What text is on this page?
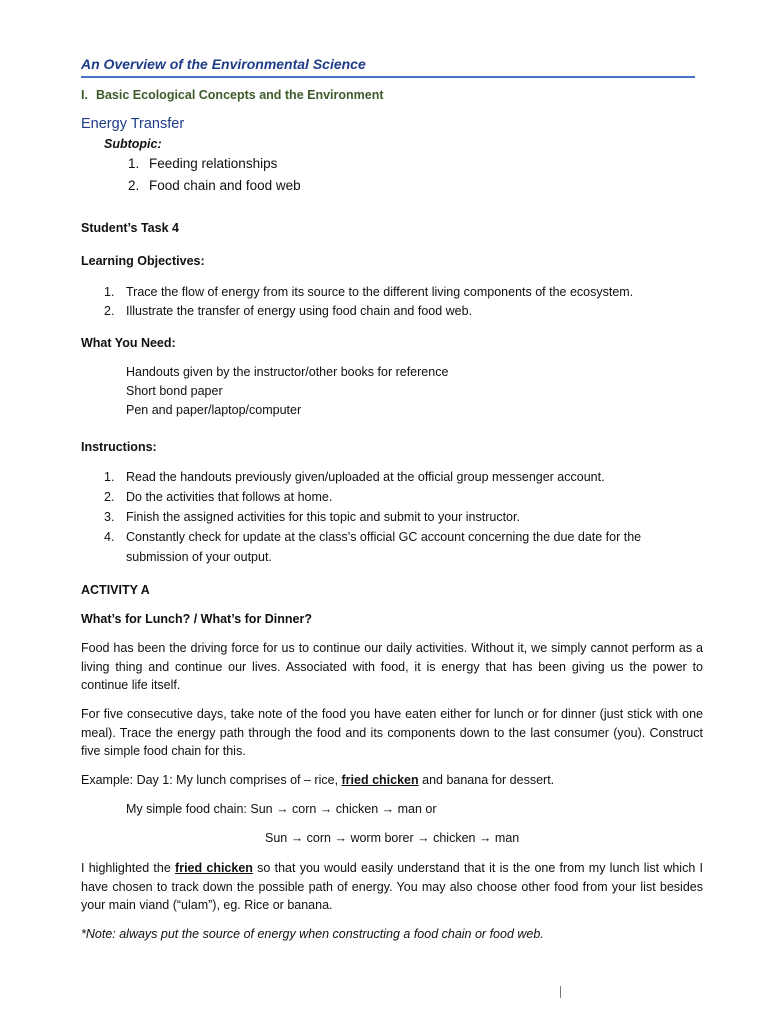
An Overview of the Environmental Science
I. Basic Ecological Concepts and the Environment
Energy Transfer
Subtopic:
1. Feeding relationships
2. Food chain and food web
Student’s Task 4
Learning Objectives:
1. Trace the flow of energy from its source to the different living components of the ecosystem.
2. Illustrate the transfer of energy using food chain and food web.
What You Need:
Handouts given by the instructor/other books for reference
Short bond paper
Pen and paper/laptop/computer
Instructions:
1. Read the handouts previously given/uploaded at the official group messenger account.
2. Do the activities that follows at home.
3. Finish the assigned activities for this topic and submit to your instructor.
4. Constantly check for update at the class’s official GC account concerning the due date for the submission of your output.
ACTIVITY A
What’s for Lunch? / What’s for Dinner?

Food has been the driving force for us to continue our daily activities. Without it, we simply cannot perform as a living thing and continue our lives. Associated with food, it is energy that has been giving us the power to continue life itself.

For five consecutive days, take note of the food you have eaten either for lunch or for dinner (just stick with one meal). Trace the energy path through the food and its components down to the last consumer (you). Construct five simple food chain for this.

Example: Day 1: My lunch comprises of – rice, fried chicken and banana for dessert.
My simple food chain: Sun → corn → chicken → man or
Sun → corn → worm borer → chicken → man

I highlighted the fried chicken so that you would easily understand that it is the one from my lunch list which I have chosen to track down the possible path of energy. You may also choose other food from your list besides your main viand (“ulam”), eg. Rice or banana.

*Note: always put the source of energy when constructing a food chain or food web.
